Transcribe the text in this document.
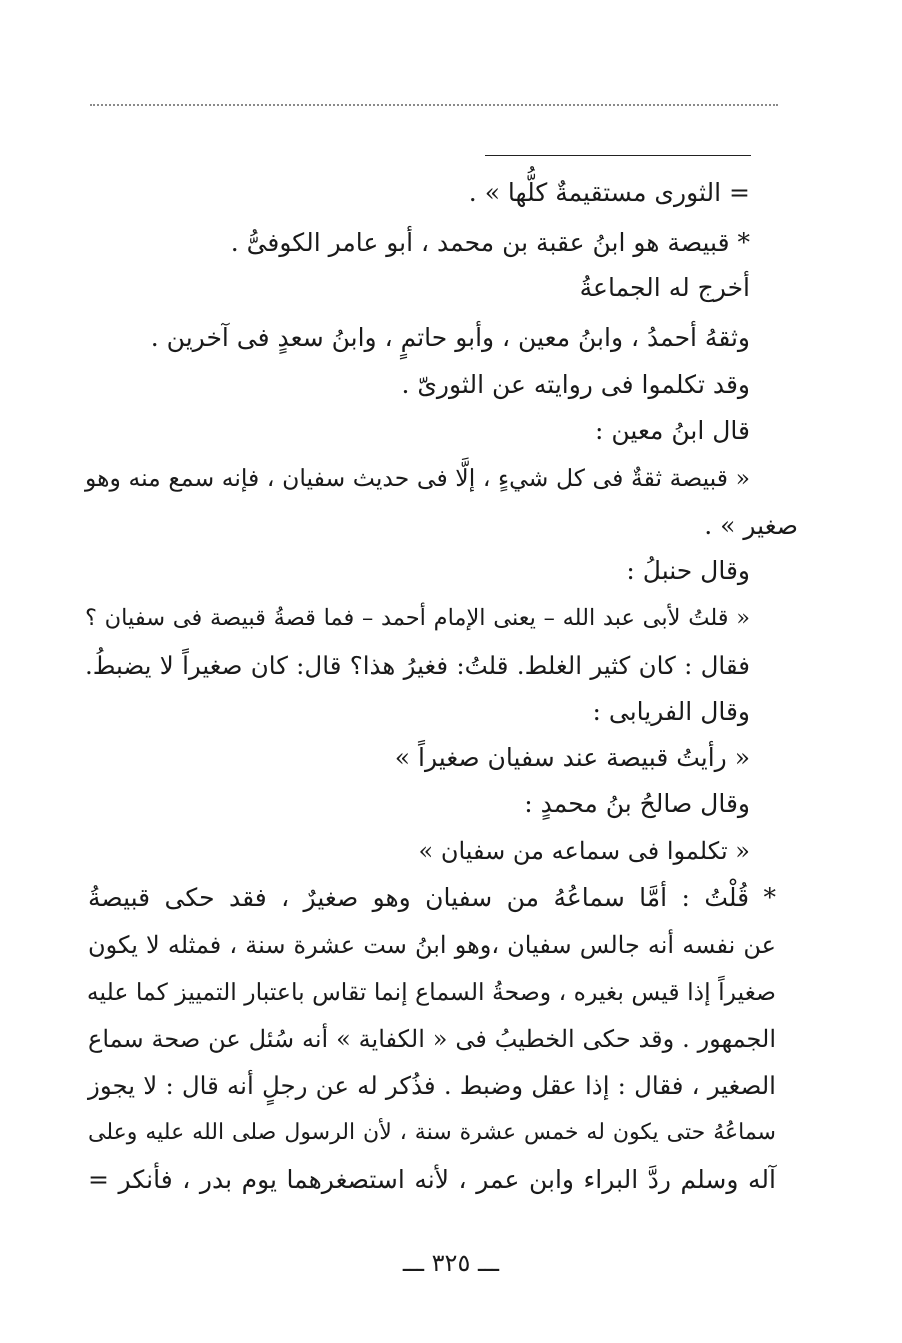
= الثورى مستقيمةٌ كلُّها » .
* قبيصة هو ابنُ عقبة بن محمد ، أبو عامر الكوفىُّ .
أخرج له الجماعةُ
وثقهُ أحمدُ ، وابنُ معين ، وأبو حاتمٍ ، وابنُ سعدٍ فى آخرين .
وقد تكلموا فى روايته عن الثورىّ .
قال ابنُ معين :
« قبيصة ثقةٌ فى كل شيءٍ ، إلَّا فى حديث سفيان ، فإنه سمع منه وهو
صغير » .
وقال حنبلُ :
« قلتُ لأبى عبد الله – يعنى الإمام أحمد – فما قصةُ قبيصة فى سفيان ؟
فقال : كان كثير الغلط. قلتُ: فغيرُ هذا؟ قال: كان صغيراً لا يضبطُ.
وقال الفريابى :
« رأيتُ قبيصة عند سفيان صغيراً »
وقال صالحُ بنُ محمدٍ :
« تكلموا فى سماعه من سفيان »
* قُلْتُ : أمَّا سماعُهُ من سفيان وهو صغيرٌ ، فقد حكى قبيصةُ
عن نفسه أنه جالس سفيان ،وهو ابنُ ست عشرة سنة ، فمثله لا يكون
صغيراً إذا قيس بغيره ، وصحةُ السماع إنما تقاس باعتبار التمييز كما عليه
الجمهور . وقد حكى الخطيبُ فى « الكفاية » أنه سُئل عن صحة سماع
الصغير ، فقال : إذا عقل وضبط . فذُكر له عن رجلٍ أنه قال : لا يجوز
سماعُهُ حتى يكون له خمس عشرة سنة ، لأن الرسول صلى الله عليه وعلى
آله وسلم ردَّ البراء وابن عمر ، لأنه استصغرهما يوم بدر ، فأنكر =
ـــ ٣٢٥ ـــ
